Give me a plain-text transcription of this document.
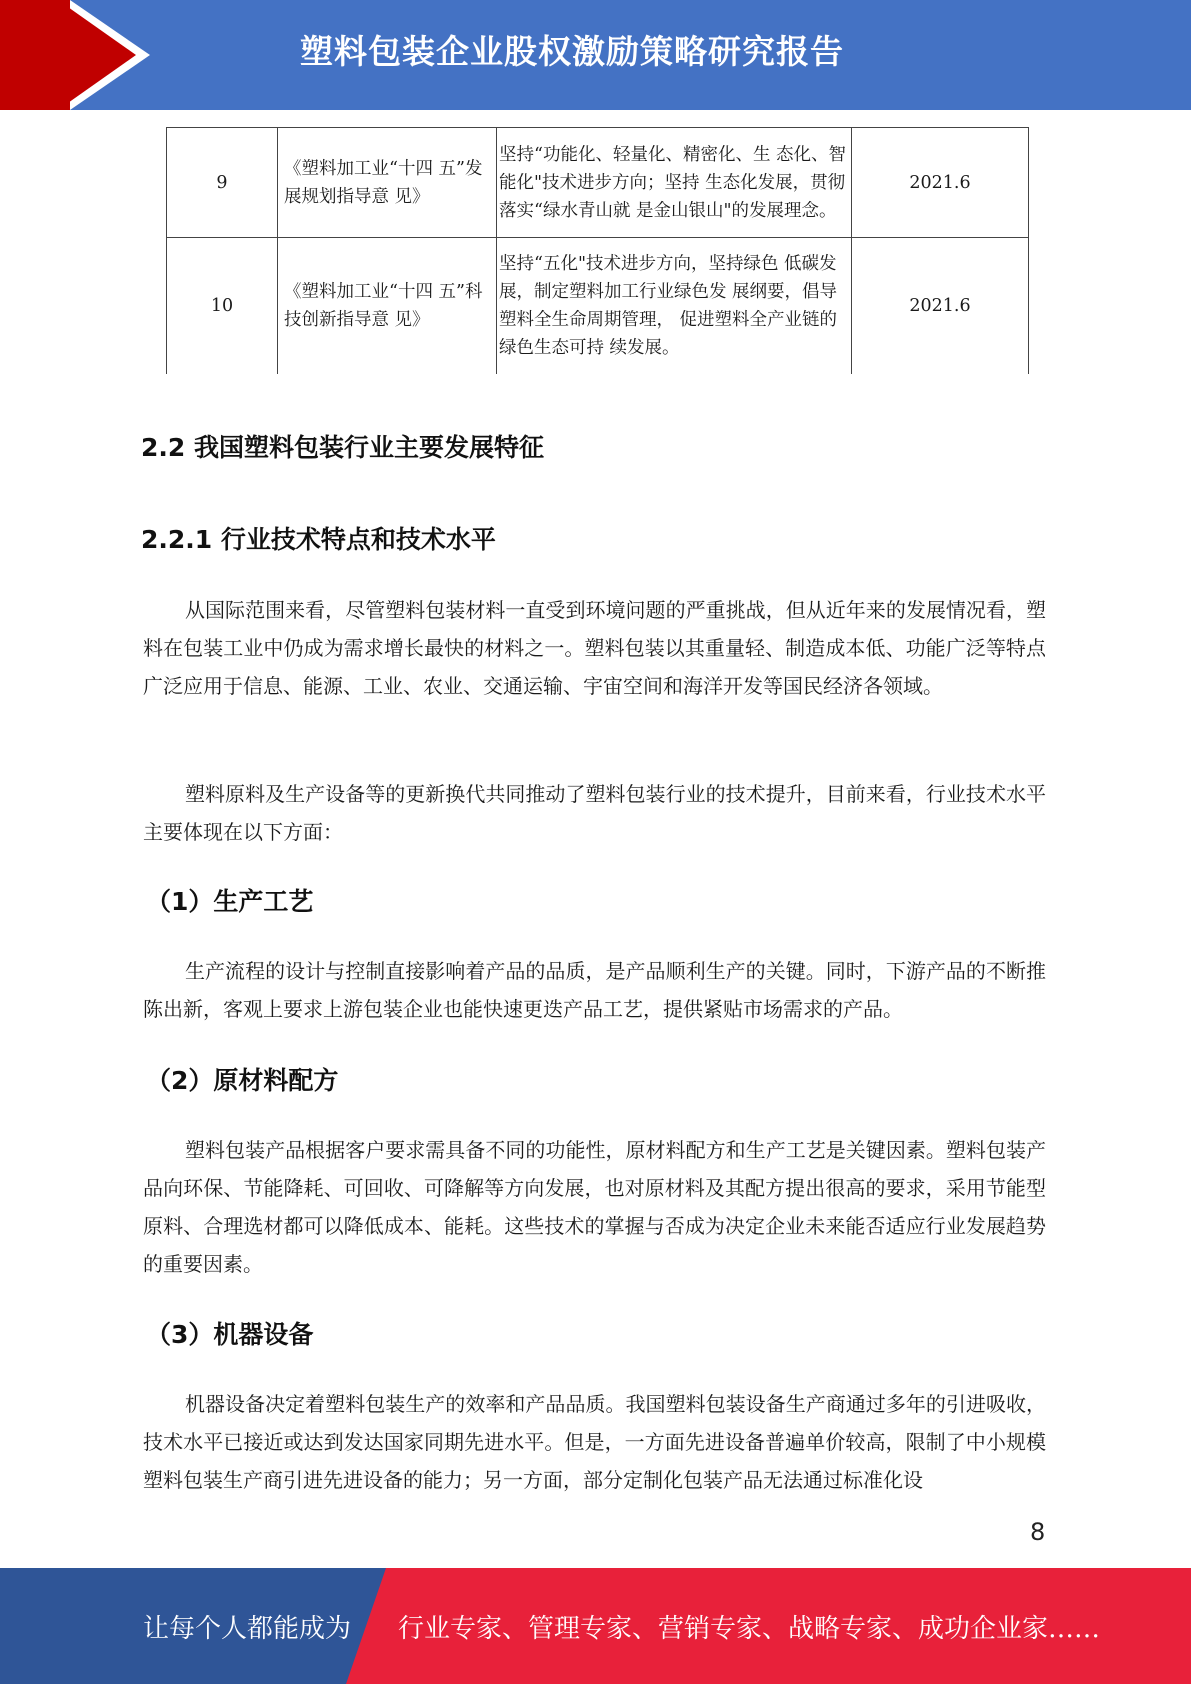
塑料包装企业股权激励策略研究报告
9	《塑料加工业“十四 五”发展规划指导意 见》	坚持“功能化、轻量化、精密化、生 态化、智能化"技术进步方向；坚持 生态化发展，贯彻落实“绿水青山就 是金山银山"的发展理念。	2021.6
10	《塑料加工业“十四 五”科技创新指导意 见》	坚持“五化"技术进步方向，坚持绿色 低碳发展，制定塑料加工行业绿色发 展纲要，倡导塑料全生命周期管理， 促进塑料全产业链的绿色生态可持 续发展。	2021.6
2.2 我国塑料包装行业主要发展特征
2.2.1 行业技术特点和技术水平

从国际范围来看，尽管塑料包装材料一直受到环境问题的严重挑战，但从近年来的发展情况看，塑料在包装工业中仍成为需求增长最快的材料之一。塑料包装以其重量轻、制造成本低、功能广泛等特点广泛应用于信息、能源、工业、农业、交通运输、宇宙空间和海洋开发等国民经济各领域。

塑料原料及生产设备等的更新换代共同推动了塑料包装行业的技术提升，目前来看，行业技术水平主要体现在以下方面：

（1）生产工艺

生产流程的设计与控制直接影响着产品的品质，是产品顺利生产的关键。同时，下游产品的不断推陈出新，客观上要求上游包装企业也能快速更迭产品工艺，提供紧贴市场需求的产品。

（2）原材料配方

塑料包装产品根据客户要求需具备不同的功能性，原材料配方和生产工艺是关键因素。塑料包装产品向环保、节能降耗、可回收、可降解等方向发展，也对原材料及其配方提出很高的要求，采用节能型原料、合理选材都可以降低成本、能耗。这些技术的掌握与否成为决定企业未来能否适应行业发展趋势的重要因素。

（3）机器设备

机器设备决定着塑料包装生产的效率和产品品质。我国塑料包装设备生产商通过多年的引进吸收，技术水平已接近或达到发达国家同期先进水平。但是，一方面先进设备普遍单价较高，限制了中小规模塑料包装生产商引进先进设备的能力；另一方面，部分定制化包装产品无法通过标准化设

8
让每个人都能成为 行业专家、管理专家、营销专家、战略专家、成功企业家……
